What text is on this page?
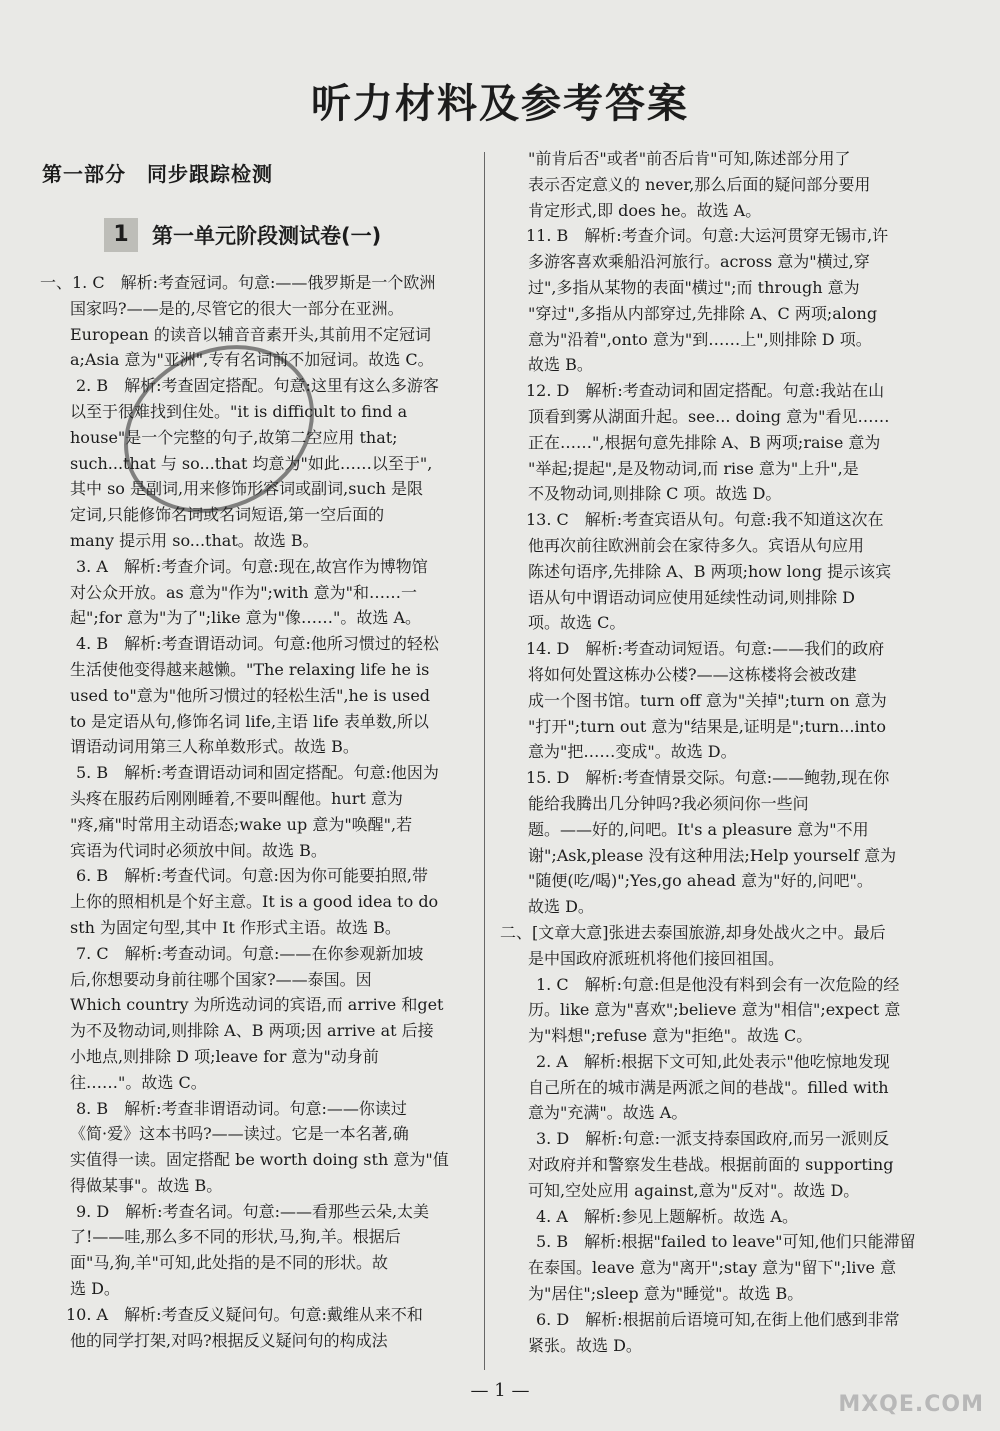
听力材料及参考答案
第一部分　同步跟踪检测
1	第一单元阶段测试卷(一)

一、1. C　解析:考查冠词。句意:——俄罗斯是一个欧洲

国家吗?——是的,尽管它的很大一部分在亚洲。

European 的读音以辅音音素开头,其前用不定冠词

a;Asia 意为"亚洲",专有名词前不加冠词。故选 C。

2. B　解析:考查固定搭配。句意:这里有这么多游客

以至于很难找到住处。"it is difficult to find a

house"是一个完整的句子,故第二空应用 that;

such...that 与 so...that 均意为"如此……以至于",

其中 so 是副词,用来修饰形容词或副词,such 是限

定词,只能修饰名词或名词短语,第一空后面的

many 提示用 so...that。故选 B。

3. A　解析:考查介词。句意:现在,故宫作为博物馆

对公众开放。as 意为"作为";with 意为"和……一

起";for 意为"为了";like 意为"像……"。故选 A。

4. B　解析:考查谓语动词。句意:他所习惯过的轻松

生活使他变得越来越懒。"The relaxing life he is

used to"意为"他所习惯过的轻松生活",he is used

to 是定语从句,修饰名词 life,主语 life 表单数,所以

谓语动词用第三人称单数形式。故选 B。

5. B　解析:考查谓语动词和固定搭配。句意:他因为

头疼在服药后刚刚睡着,不要叫醒他。hurt 意为

"疼,痛"时常用主动语态;wake up 意为"唤醒",若

宾语为代词时必须放中间。故选 B。

6. B　解析:考查代词。句意:因为你可能要拍照,带

上你的照相机是个好主意。It is a good idea to do

sth 为固定句型,其中 It 作形式主语。故选 B。

7. C　解析:考查动词。句意:——在你参观新加坡

后,你想要动身前往哪个国家?——泰国。因

Which country 为所选动词的宾语,而 arrive 和get

为不及物动词,则排除 A、B 两项;因 arrive at 后接

小地点,则排除 D 项;leave for 意为"动身前

往……"。故选 C。

8. B　解析:考查非谓语动词。句意:——你读过

《简·爱》这本书吗?——读过。它是一本名著,确

实值得一读。固定搭配 be worth doing sth 意为"值

得做某事"。故选 B。

9. D　解析:考查名词。句意:——看那些云朵,太美

了!——哇,那么多不同的形状,马,狗,羊。根据后

面"马,狗,羊"可知,此处指的是不同的形状。故

选 D。

10. A　解析:考查反义疑问句。句意:戴维从来不和

他的同学打架,对吗?根据反义疑问句的构成法

"前肯后否"或者"前否后肯"可知,陈述部分用了

表示否定意义的 never,那么后面的疑问部分要用

肯定形式,即 does he。故选 A。

11. B　解析:考查介词。句意:大运河贯穿无锡市,许

多游客喜欢乘船沿河旅行。across 意为"横过,穿

过",多指从某物的表面"横过";而 through 意为

"穿过",多指从内部穿过,先排除 A、C 两项;along

意为"沿着",onto 意为"到……上",则排除 D 项。

故选 B。

12. D　解析:考查动词和固定搭配。句意:我站在山

顶看到雾从湖面升起。see... doing 意为"看见……

正在……",根据句意先排除 A、B 两项;raise 意为

"举起;提起",是及物动词,而 rise 意为"上升",是

不及物动词,则排除 C 项。故选 D。

13. C　解析:考查宾语从句。句意:我不知道这次在

他再次前往欧洲前会在家待多久。宾语从句应用

陈述句语序,先排除 A、B 两项;how long 提示该宾

语从句中谓语动词应使用延续性动词,则排除 D

项。故选 C。

14. D　解析:考查动词短语。句意:——我们的政府

将如何处置这栋办公楼?——这栋楼将会被改建

成一个图书馆。turn off 意为"关掉";turn on 意为

"打开";turn out 意为"结果是,证明是";turn...into

意为"把……变成"。故选 D。

15. D　解析:考查情景交际。句意:——鲍勃,现在你

能给我腾出几分钟吗?我必须问你一些问

题。——好的,问吧。It's a pleasure 意为"不用

谢";Ask,please 没有这种用法;Help yourself 意为

"随便(吃/喝)";Yes,go ahead 意为"好的,问吧"。

故选 D。

二、[文章大意]张进去泰国旅游,却身处战火之中。最后

是中国政府派班机将他们接回祖国。

1. C　解析:句意:但是他没有料到会有一次危险的经

历。like 意为"喜欢";believe 意为"相信";expect 意

为"料想";refuse 意为"拒绝"。故选 C。

2. A　解析:根据下文可知,此处表示"他吃惊地发现

自己所在的城市满是两派之间的巷战"。filled with

意为"充满"。故选 A。

3. D　解析:句意:一派支持泰国政府,而另一派则反

对政府并和警察发生巷战。根据前面的 supporting

可知,空处应用 against,意为"反对"。故选 D。

4. A　解析:参见上题解析。故选 A。

5. B　解析:根据"failed to leave"可知,他们只能滞留

在泰国。leave 意为"离开";stay 意为"留下";live 意

为"居住";sleep 意为"睡觉"。故选 B。

6. D　解析:根据前后语境可知,在街上他们感到非常

紧张。故选 D。

— 1 —
MXQE.COM
